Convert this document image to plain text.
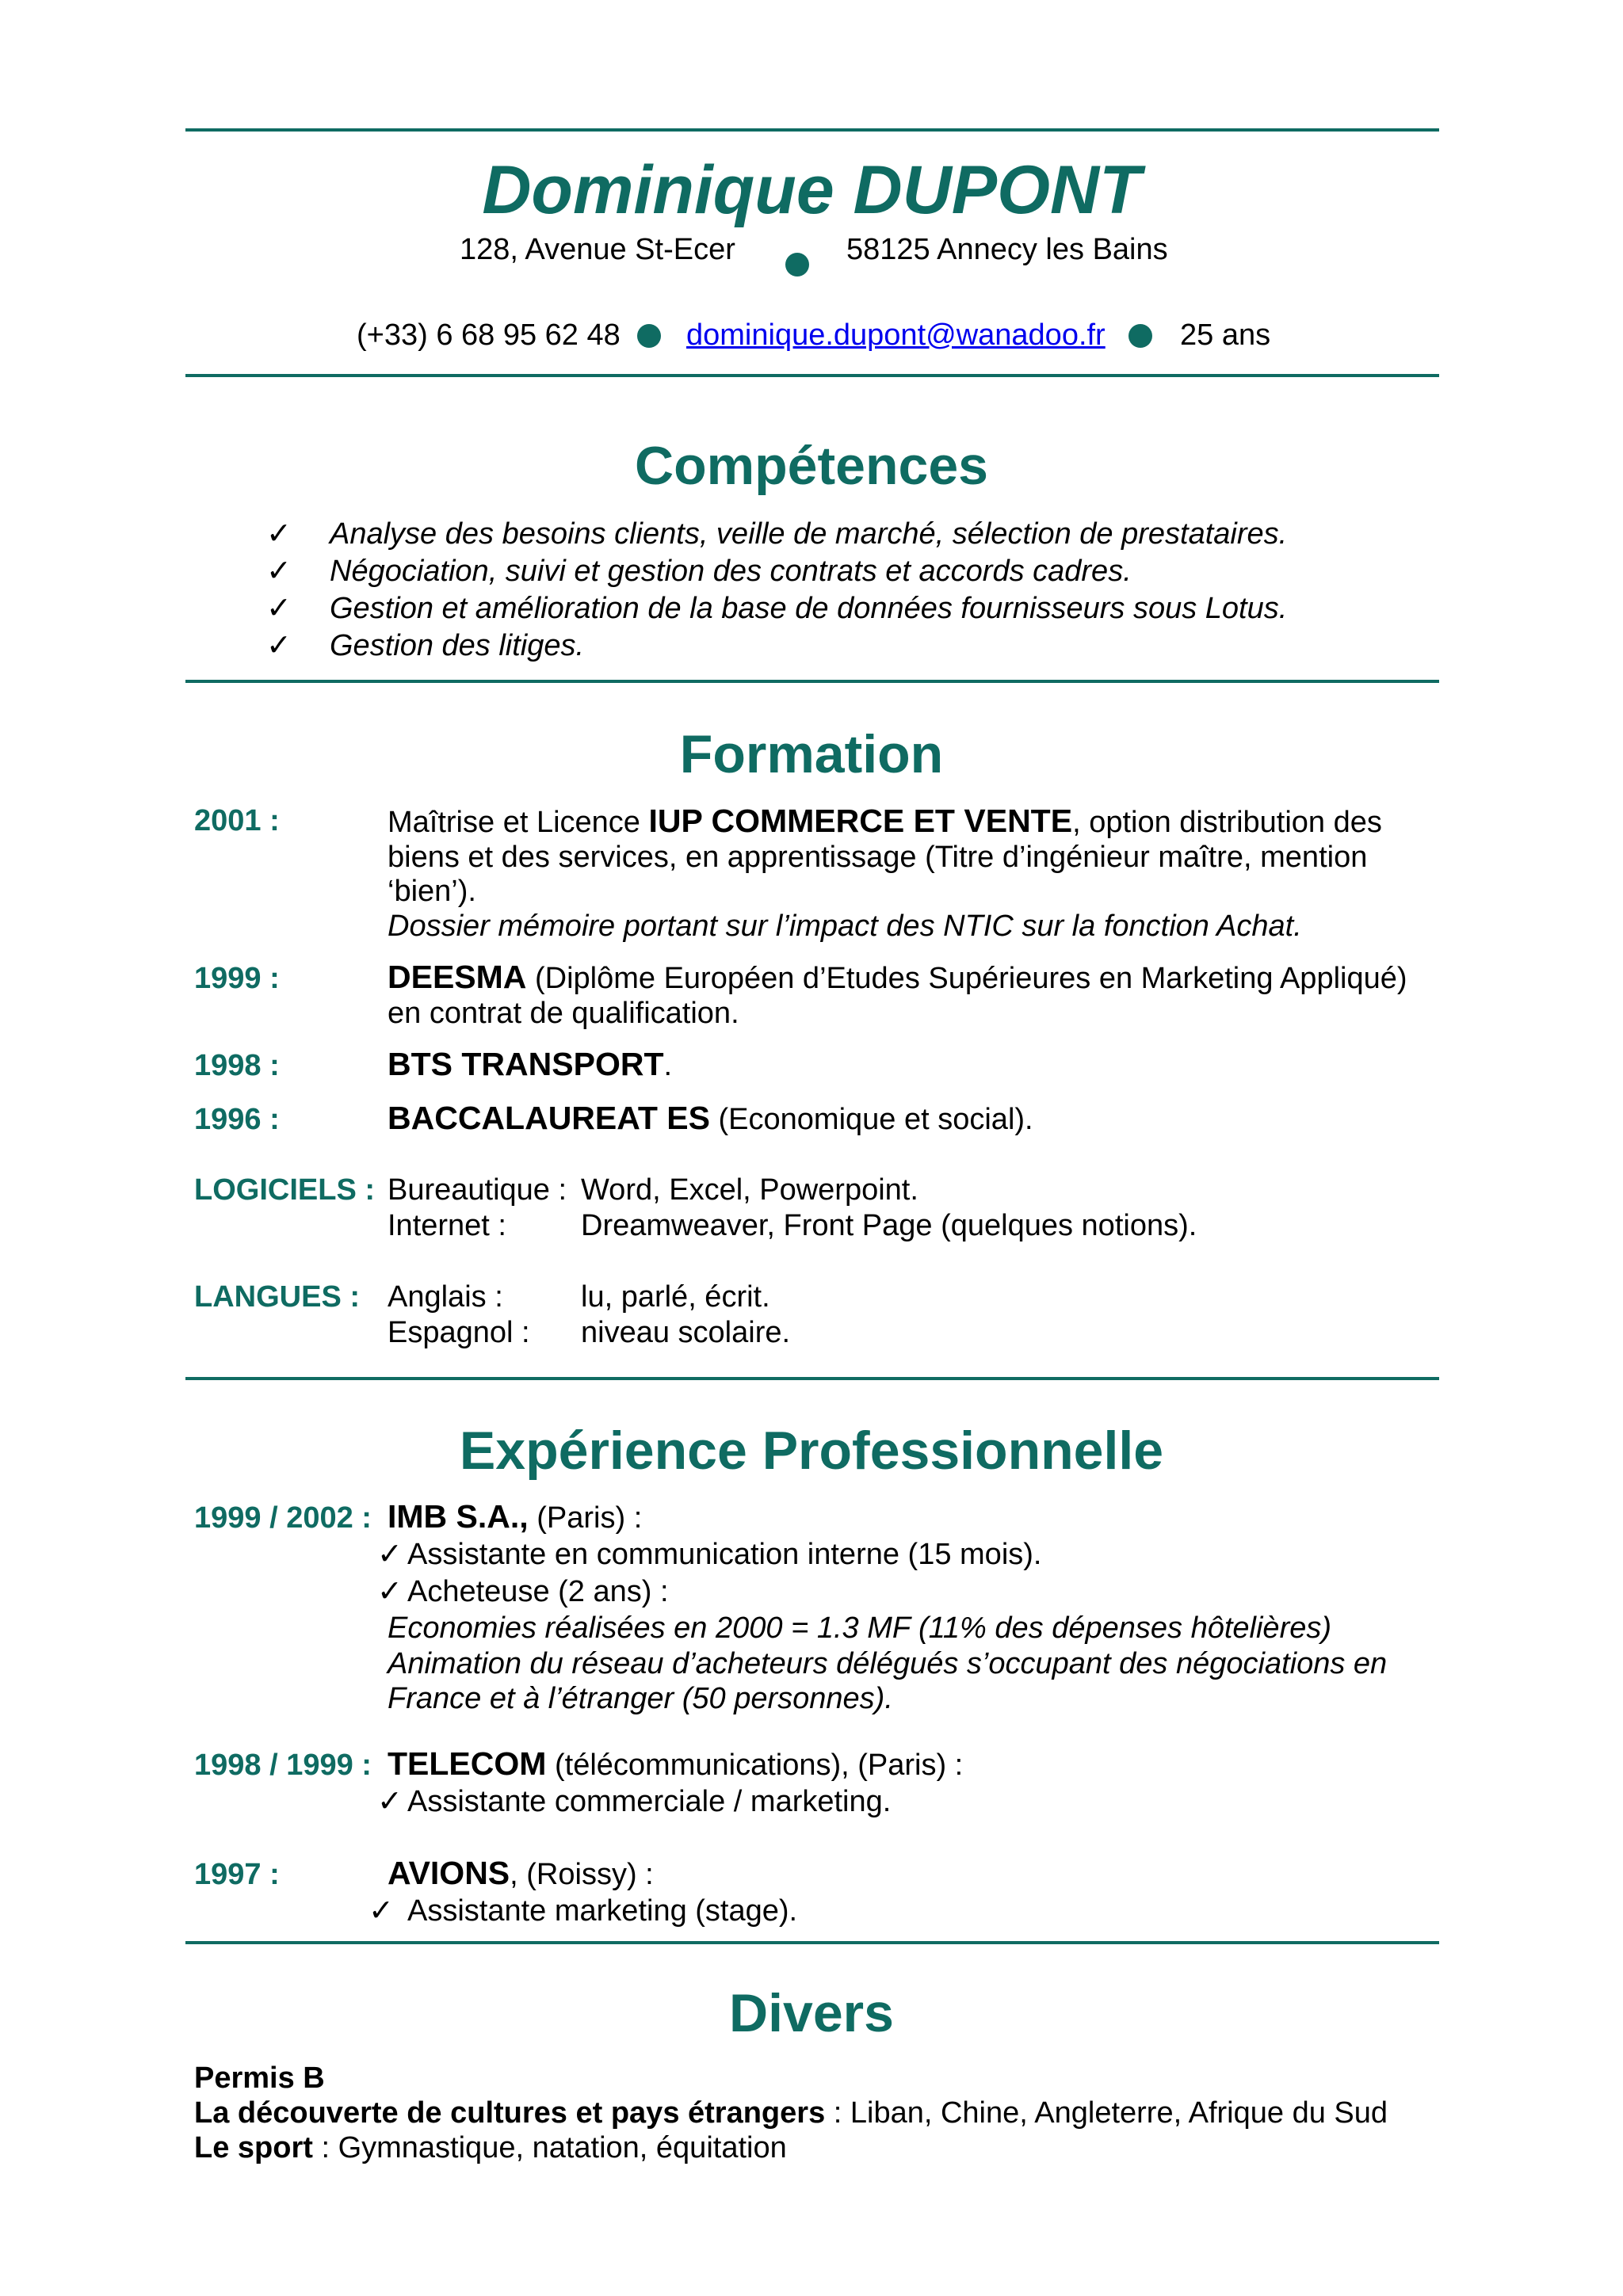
Dominique DUPONT
128, Avenue St-Ecer	58125 Annecy les Bains
(+33) 6 68 95 62 48 dominique.dupont@wanadoo.fr 25 ans
Compétences
✓ Analyse des besoins clients, veille de marché, sélection de prestataires.
✓ Négociation, suivi et gestion des contrats et accords cadres.
✓ Gestion et amélioration de la base de données fournisseurs sous Lotus.
✓ Gestion des litiges.
Formation
2001 :	Maîtrise et Licence IUP COMMERCE ET VENTE, option distribution des
biens et des services, en apprentissage (Titre d’ingénieur maître, mention
‘bien’).
Dossier mémoire portant sur l’impact des NTIC sur la fonction Achat.
1999 :	DEESMA (Diplôme Européen d’Etudes Supérieures en Marketing Appliqué)
en contrat de qualification.
1998 :	BTS TRANSPORT.
1996 :	BACCALAUREAT ES (Economique et social).
LOGICIELS : Bureautique : Word, Excel, Powerpoint.
Internet : Dreamweaver, Front Page (quelques notions).
LANGUES : Anglais :	lu, parlé, écrit.
Espagnol : niveau scolaire.
Expérience Professionnelle
1999 / 2002 : IMB S.A., (Paris) :
✓ Assistante en communication interne (15 mois).
✓ Acheteuse (2 ans) :
Economies réalisées en 2000 = 1.3 MF (11% des dépenses hôtelières)
Animation du réseau d’acheteurs délégués s’occupant des négociations en
France et à l’étranger (50 personnes).
1998 / 1999 : TELECOM (télécommunications), (Paris) :
✓ Assistante commerciale / marketing.
1997 :	AVIONS, (Roissy) :
✓ Assistante marketing (stage).
Divers
Permis B
La découverte de cultures et pays étrangers : Liban, Chine, Angleterre, Afrique du Sud
Le sport : Gymnastique, natation, équitation
